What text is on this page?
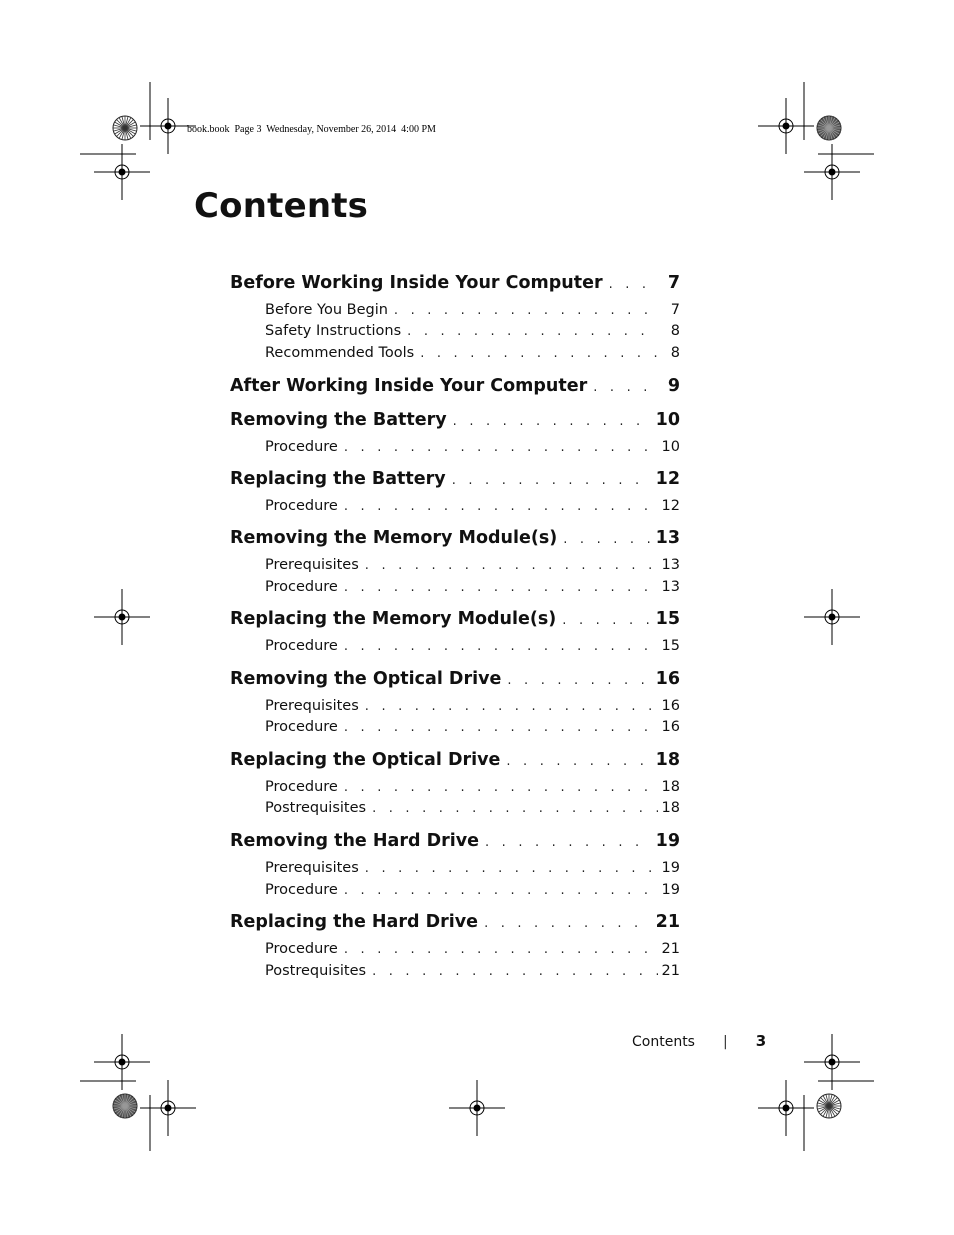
book.book  Page 3  Wednesday, November 26, 2014  4:00 PM
Contents
Before Working Inside Your Computer . . .	7
Before You Begin . . .	7
Safety Instructions . . .	8
Recommended Tools . . .	8
After Working Inside Your Computer . . .	9
Removing the Battery . . .	10
Procedure . . .	10
Replacing the Battery . . .	12
Procedure . . .	12
Removing the Memory Module(s) . . .	13
Prerequisites . . .	13
Procedure . . .	13
Replacing the Memory Module(s) . . .	15
Procedure . . .	15
Removing the Optical Drive . . .	16
Prerequisites . . .	16
Procedure . . .	16
Replacing the Optical Drive . . .	18
Procedure . . .	18
Postrequisites . . .	18
Removing the Hard Drive . . .	19
Prerequisites . . .	19
Procedure . . .	19
Replacing the Hard Drive . . .	21
Procedure . . .	21
Postrequisites . . .	21
Contents | 3
